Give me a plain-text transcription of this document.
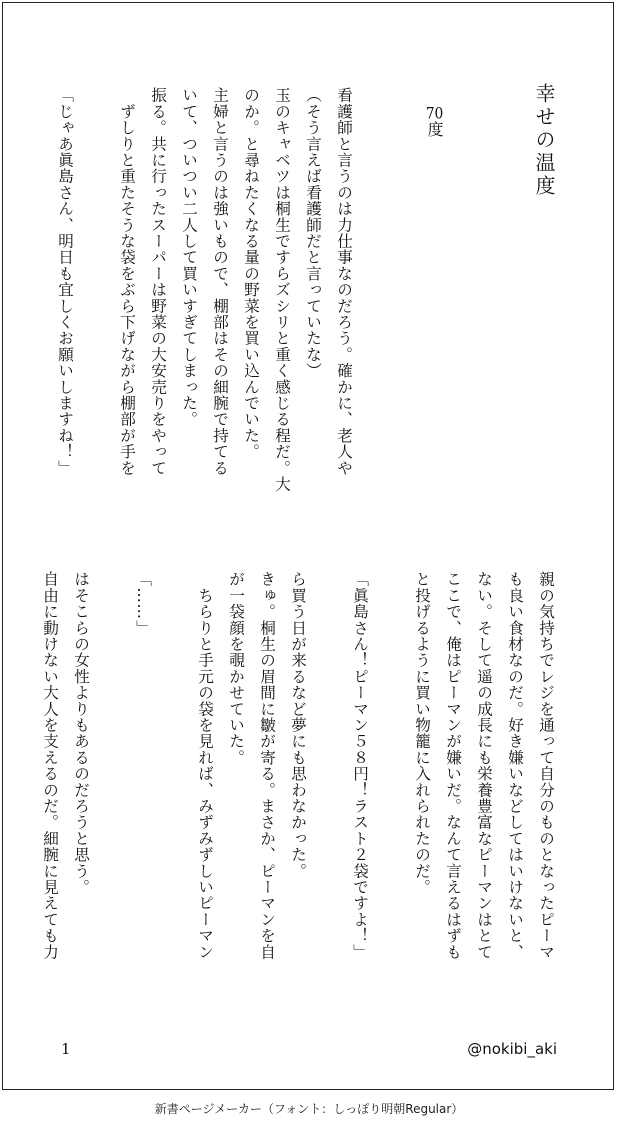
幸せの温度
70度
看護師と言うのは力仕事なのだろう。確かに、老人や
（そう言えば看護師だと言っていたな）
玉のキャベツは桐生ですらズシリと重く感じる程だ。大
のか。と尋ねたくなる量の野菜を買い込んでいた。
主婦と言うのは強いもので、棚部はその細腕で持てる
いて、ついつい二人して買いすぎてしまった。
振る。共に行ったスーパーは野菜の大安売りをやって
　ずしりと重たそうな袋をぶら下げながら棚部が手を

「じゃあ眞島さん、明日も宜しくお願いしますね！」
親の気持ちでレジを通って自分のものとなったピーマ
も良い食材なのだ。好き嫌いなどしてはいけないと、
ない。そして遥の成長にも栄養豊富なピーマンはとて
ここで、俺はピーマンが嫌いだ。なんて言えるはずも
と投げるように買い物籠に入れられたのだ。

「眞島さん！ピーマン５８円！ラスト２袋ですよ！」

ら買う日が来るなど夢にも思わなかった。
きゅ。桐生の眉間に皺が寄る。まさか、ピーマンを自
が一袋顔を覗かせていた。
　ちらりと手元の袋を見れば、みずみずしいピーマン

「……」

はそこらの女性よりもあるのだろうと思う。
自由に動けない大人を支えるのだ。細腕に見えても力
1	@nokibi_aki
新書ページメーカー（フォント：しっぽり明朝Regular）
